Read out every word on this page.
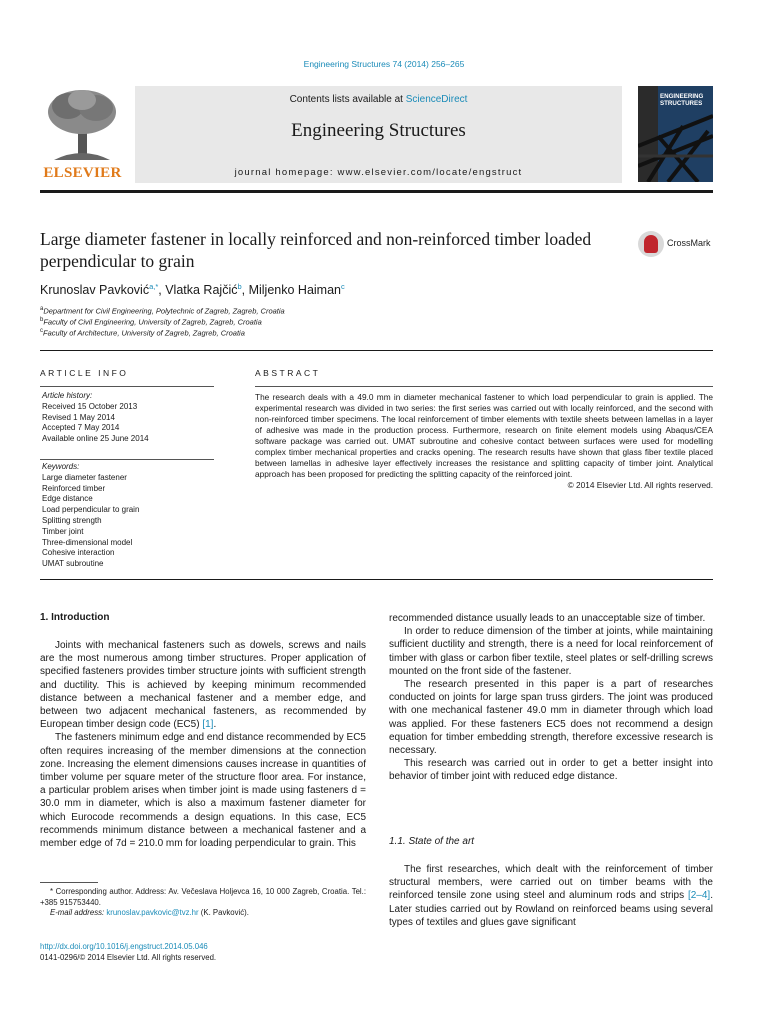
Engineering Structures 74 (2014) 256–265
ELSEVIER
Contents lists available at ScienceDirect
Engineering Structures
journal homepage: www.elsevier.com/locate/engstruct
ENGINEERING
STRUCTURES
Large diameter fastener in locally reinforced and non-reinforced timber loaded perpendicular to grain
CrossMark
Krunoslav Pavković$^{a,*}$, Vlatka Rajčić$^b$, Miljenko Haiman$^c$
$^a$Department for Civil Engineering, Polytechnic of Zagreb, Zagreb, Croatia
$^b$Faculty of Civil Engineering, University of Zagreb, Zagreb, Croatia
$^c$Faculty of Architecture, University of Zagreb, Zagreb, Croatia
ARTICLE INFO	ABSTRACT
Article history:
Received 15 October 2013
Revised 1 May 2014
Accepted 7 May 2014
Available online 25 June 2014
Keywords:
Large diameter fastener
Reinforced timber
Edge distance
Load perpendicular to grain
Splitting strength
Timber joint
Three-dimensional model
Cohesive interaction
UMAT subroutine
The research deals with a 49.0 mm in diameter mechanical fastener to which load perpendicular to grain is applied. The experimental research was divided in two series: the first series was carried out with locally reinforced, and the second with non-reinforced timber specimens. The local reinforcement of timber elements with textile sheets between lamellas in a layer of adhesive was made in the production process. Furthermore, research on finite element models using Abaqus/CEA software package was carried out. UMAT subroutine and cohesive contact between surfaces were used for modelling complex timber mechanical properties and cracks opening. The research results have shown that glass fiber textile placed between lamellas in adhesive layer effectively increases the resistance and splitting capacity of timber joint. Analytical approach has been proposed for predicting the splitting capacity of the reinforced joint.
© 2014 Elsevier Ltd. All rights reserved.
1. Introduction

Joints with mechanical fasteners such as dowels, screws and nails are the most numerous among timber structures. Proper application of specified fasteners provides timber structure joints with sufficient strength and ductility. This is achieved by keeping minimum recommended distance between a mechanical fastener and a member edge, and between two adjacent mechanical fasteners, as recommended by European timber design code (EC5) [1].

The fasteners minimum edge and end distance recommended by EC5 often requires increasing of the member dimensions at the connection zone. Increasing the element dimensions causes increase in quantities of timber volume per square meter of the structure floor area. For instance, a particular problem arises when timber joint is made using fasteners d = 30.0 mm in diameter, which is also a maximum fastener diameter for which Eurocode recommends a design equations. In this case, EC5 recommends minimum distance between a mechanical fastener and a member edge of 7d = 210.0 mm for loading perpendicular to grain. This

recommended distance usually leads to an unacceptable size of timber.

In order to reduce dimension of the timber at joints, while maintaining sufficient ductility and strength, there is a need for local reinforcement of timber with glass or carbon fiber textile, steel plates or self-drilling screws mounted on the front side of the fastener.

The research presented in this paper is a part of researches conducted on joints for large span truss girders. The joint was produced with one mechanical fastener 49.0 mm in diameter through which load was applied. For these fasteners EC5 does not recommend a design equation for timber embedding strength, therefore excessive research is necessary.

This research was carried out in order to get a better insight into behavior of timber joint with reduced edge distance.

1.1. State of the art

The first researches, which dealt with the reinforcement of timber structural members, were carried out on timber beams with the reinforced tensile zone using steel and aluminum rods and strips [2–4]. Later studies carried out by Rowland on reinforced beams using several types of textiles and glues gave significant

* Corresponding author. Address: Av. Večeslava Holjevca 16, 10 000 Zagreb, Croatia. Tel.: +385 915753440.

E-mail address: krunoslav.pavkovic@tvz.hr (K. Pavković).

http://dx.doi.org/10.1016/j.engstruct.2014.05.046
0141-0296/© 2014 Elsevier Ltd. All rights reserved.
